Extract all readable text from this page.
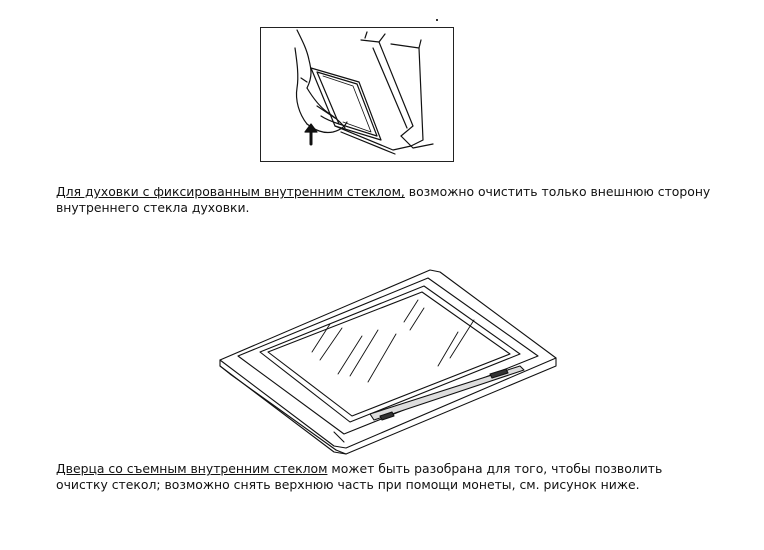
Для духовки с фиксированным внутренним стеклом, возможно очистить только внешнюю сторону внутреннего стекла духовки.

Дверца со съемным внутренним стеклом может быть разобрана для того, чтобы позволить очистку стекол; возможно снять верхнюю часть при помощи монеты, см. рисунок ниже.
